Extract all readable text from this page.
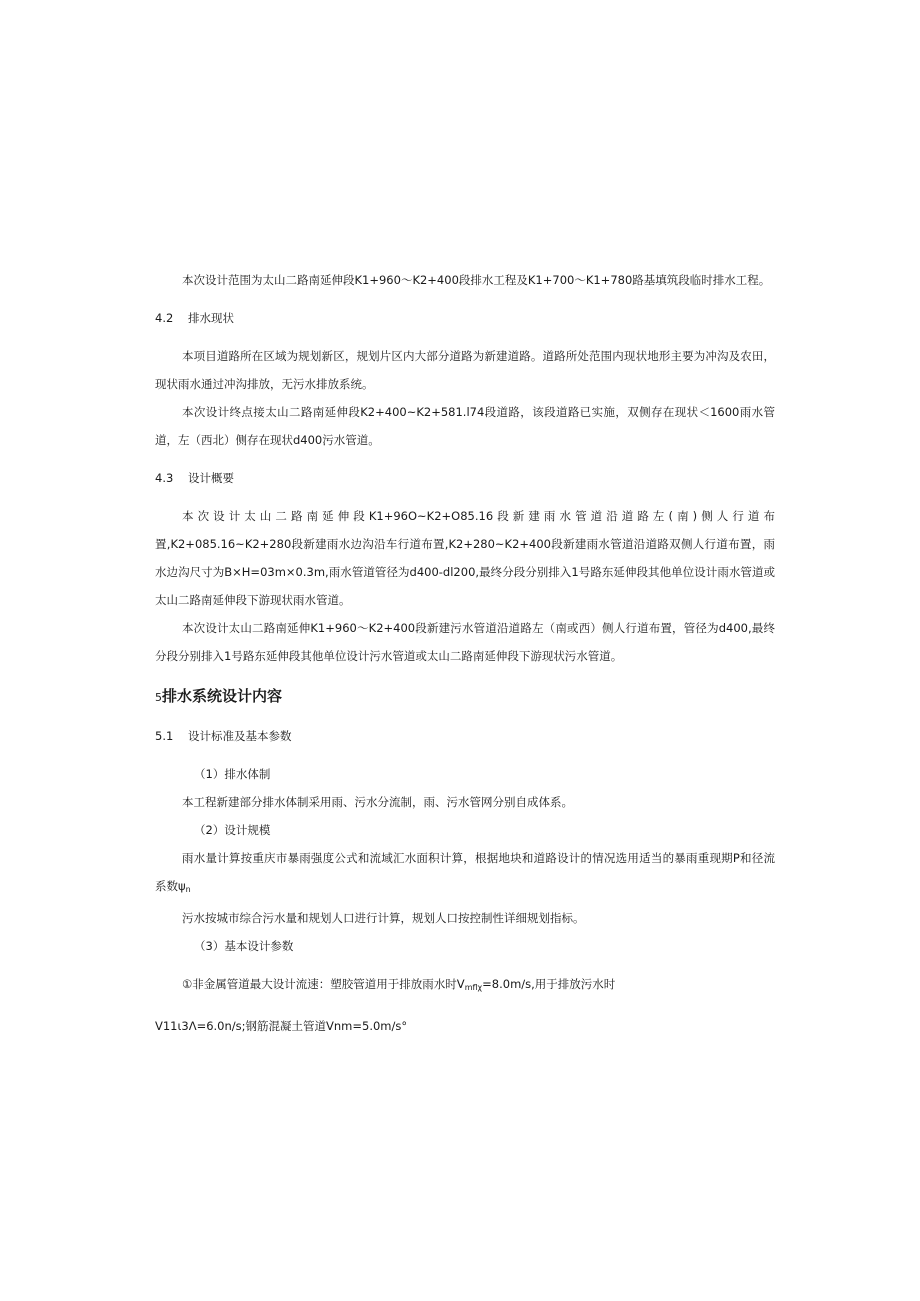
本次设计范围为太山二路南延伸段K1+960～K2+400段排水工程及K1+700～K1+780路基填筑段临时排水工程。

4.2 排水现状

本项目道路所在区域为规划新区，规划片区内大部分道路为新建道路。道路所处范围内现状地形主要为冲沟及农田，现状雨水通过冲沟排放，无污水排放系统。

本次设计终点接太山二路南延伸段K2+400~K2+581.l74段道路，该段道路已实施，双侧存在现状＜1600雨水管道，左（西北）侧存在现状d400污水管道。

4.3 设计概要

本次设计太山二路南延伸段K1+96O~K2+O85.16段新建雨水管道沿道路左(南)侧人行道布置,K2+085.16~K2+280段新建雨水边沟沿车行道布置,K2+280~K2+400段新建雨水管道沿道路双侧人行道布置，雨水边沟尺寸为B×H=03m×0.3m,雨水管道管径为d400-dl200,最终分段分别排入1号路东延伸段其他单位设计雨水管道或太山二路南延伸段下游现状雨水管道。

本次设计太山二路南延伸K1+960～K2+400段新建污水管道沿道路左（南或西）侧人行道布置，管径为d400,最终分段分别排入1号路东延伸段其他单位设计污水管道或太山二路南延伸段下游现状污水管道。

5排水系统设计内容
5.1 设计标准及基本参数

（1）排水体制

本工程新建部分排水体制采用雨、污水分流制，雨、污水管网分别自成体系。

（2）设计规模

雨水量计算按重庆市暴雨强度公式和流域汇水面积计算，根据地块和道路设计的情况选用适当的暴雨重现期P和径流系数$\psi_n$

污水按城市综合污水量和规划人口进行计算，规划人口按控制性详细规划指标。

（3）基本设计参数

①非金属管道最大设计流速：塑胶管道用于排放雨水时$V_{mfl\chi}=8.0m∕s$,用于排放污水时

V11ι3Λ=6.0n∕s;钢筋混凝土管道Vnm=5.0m∕s°
